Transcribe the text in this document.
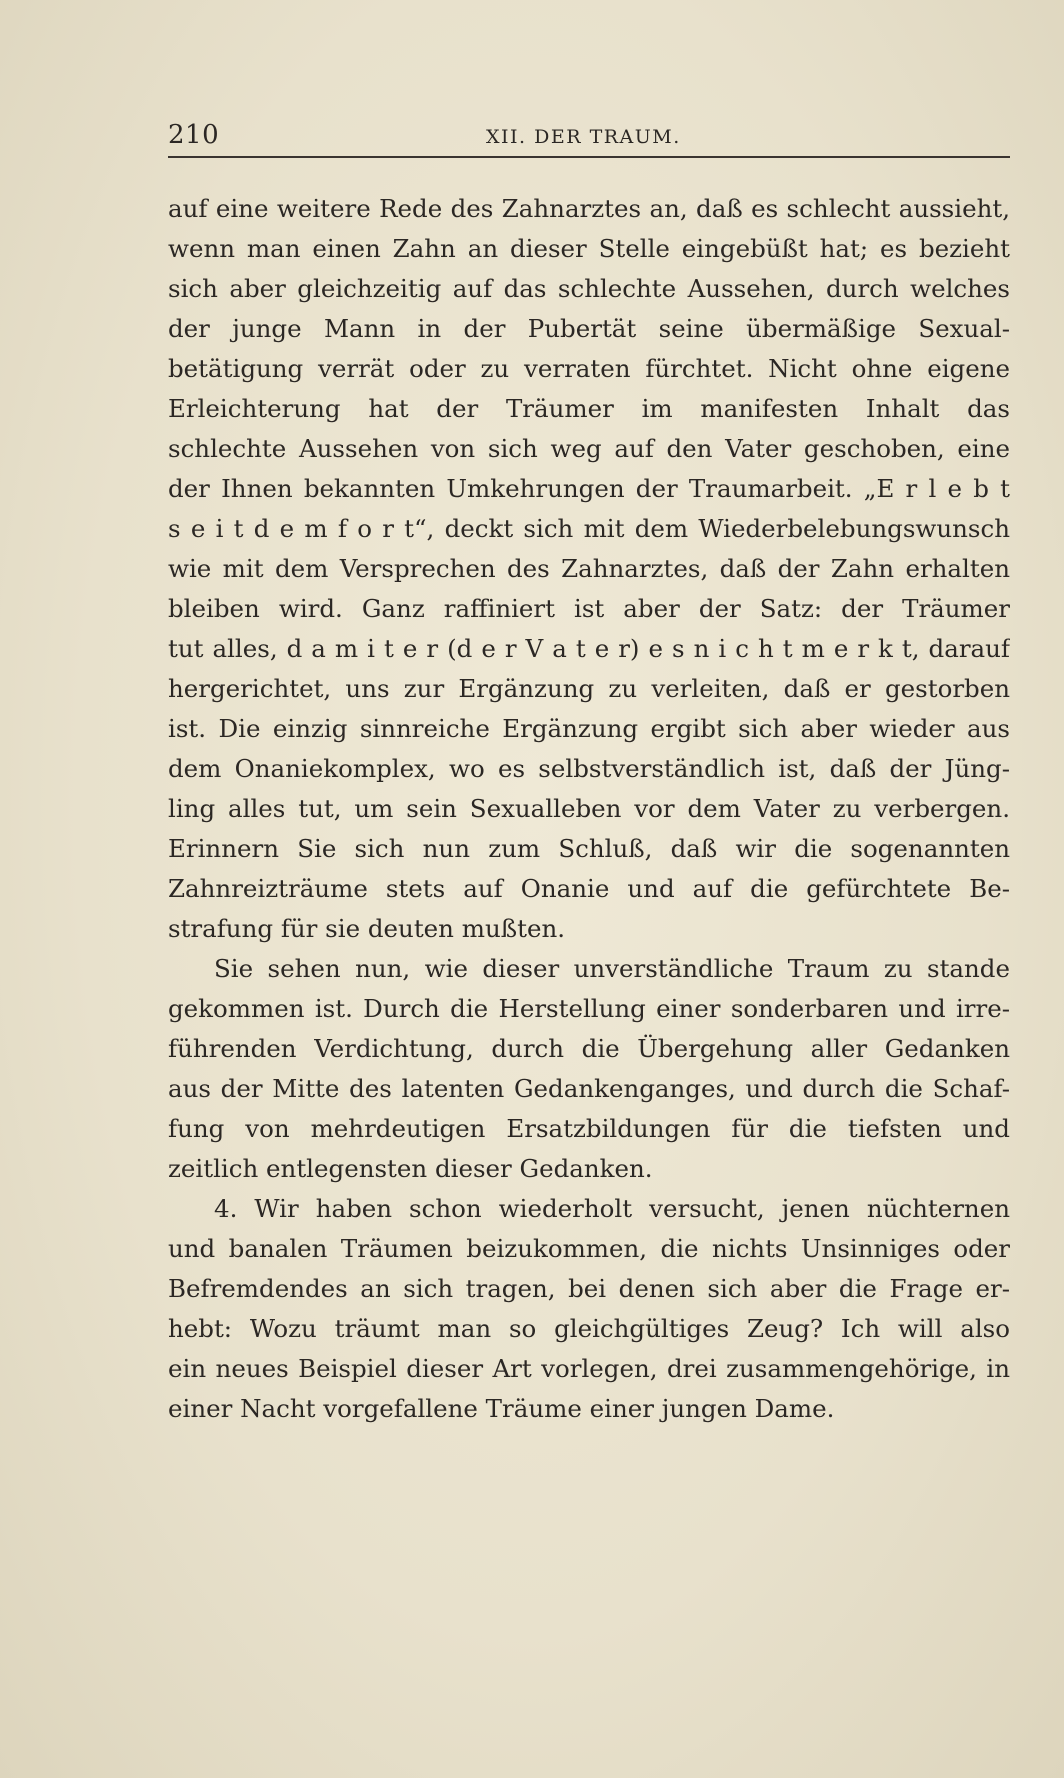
210	XII. DER TRAUM.
auf eine weitere Rede des Zahnarztes an, daß es schlecht aussieht,
wenn man einen Zahn an dieser Stelle eingebüßt hat; es bezieht
sich aber gleichzeitig auf das schlechte Aussehen, durch welches
der junge Mann in der Pubertät seine übermäßige Sexual-
betätigung verrät oder zu verraten fürchtet. Nicht ohne eigene
Erleichterung hat der Träumer im manifesten Inhalt das
schlechte Aussehen von sich weg auf den Vater geschoben, eine
der Ihnen bekannten Umkehrungen der Traumarbeit. „E r l e b t
s e i t d e m f o r t“, deckt sich mit dem Wiederbelebungswunsch
wie mit dem Versprechen des Zahnarztes, daß der Zahn erhalten
bleiben wird. Ganz raffiniert ist aber der Satz: der Träumer
tut alles, d a m i t e r (d e r V a t e r) e s n i c h t m e r k t, darauf
hergerichtet, uns zur Ergänzung zu verleiten, daß er gestorben
ist. Die einzig sinnreiche Ergänzung ergibt sich aber wieder aus
dem Onaniekomplex, wo es selbstverständlich ist, daß der Jüng-
ling alles tut, um sein Sexualleben vor dem Vater zu verbergen.
Erinnern Sie sich nun zum Schluß, daß wir die sogenannten
Zahnreizträume stets auf Onanie und auf die gefürchtete Be-
strafung für sie deuten mußten.
Sie sehen nun, wie dieser unverständliche Traum zu stande
gekommen ist. Durch die Herstellung einer sonderbaren und irre-
führenden Verdichtung, durch die Übergehung aller Gedanken
aus der Mitte des latenten Gedankenganges, und durch die Schaf-
fung von mehrdeutigen Ersatzbildungen für die tiefsten und
zeitlich entlegensten dieser Gedanken.
4. Wir haben schon wiederholt versucht, jenen nüchternen
und banalen Träumen beizukommen, die nichts Unsinniges oder
Befremdendes an sich tragen, bei denen sich aber die Frage er-
hebt: Wozu träumt man so gleichgültiges Zeug? Ich will also
ein neues Beispiel dieser Art vorlegen, drei zusammengehörige, in
einer Nacht vorgefallene Träume einer jungen Dame.
